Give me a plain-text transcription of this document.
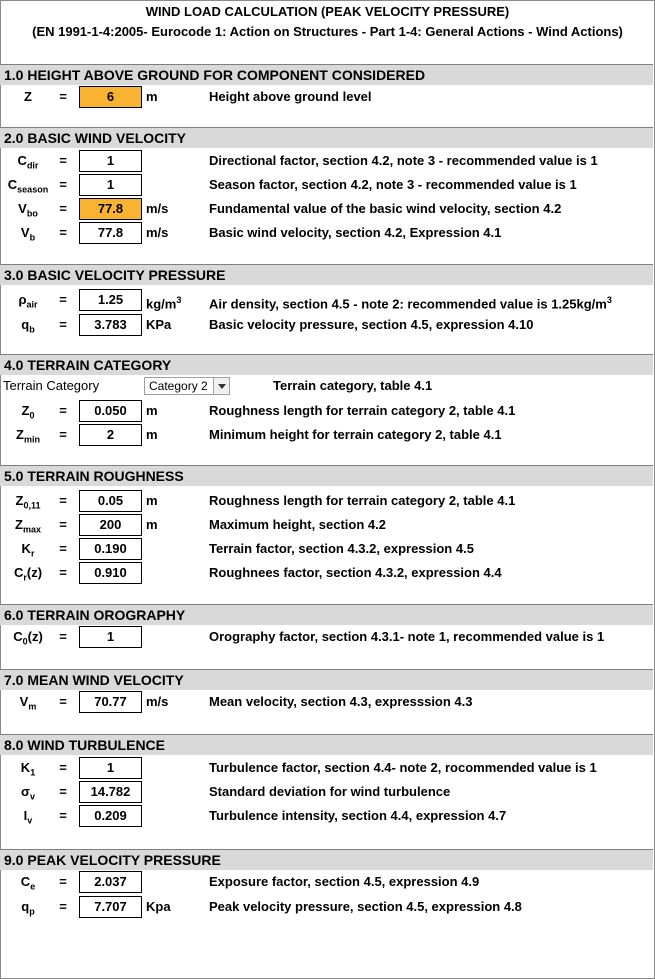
WIND LOAD CALCULATION (PEAK VELOCITY PRESSURE)
(EN 1991-1-4:2005- Eurocode 1: Action on Structures - Part 1-4: General Actions - Wind Actions)
1.0 HEIGHT ABOVE GROUND FOR COMPONENT CONSIDERED
Z	=	6	m	Height above ground level
2.0 BASIC WIND VELOCITY
$C_{dir}$	=	1	Directional factor, section 4.2, note 3 - recommended value is 1
$C_{season}$ =	1	Season factor, section 4.2, note 3 - recommended value is 1
$V_{bo}$	=	77.8	m/s	Fundamental value of the basic wind velocity, section 4.2
$V_b$	=	77.8	m/s	Basic wind velocity, section 4.2, Expression 4.1
3.0 BASIC VELOCITY PRESSURE
$\rho_{air}$	=	1.25	$kg/m^3$ Air density, section 4.5 - note 2: recommended value is $1.25kg/m^3$
$q_b$	=	3.783	KPa	Basic velocity pressure, section 4.5, expression 4.10
4.0 TERRAIN CATEGORY
Terrain Category	Category 2	Terrain category, table 4.1
$Z_0$	=	0.050	m	Roughness length for terrain category 2, table 4.1
$Z_{min}$	=	2	m	Minimum height for terrain category 2, table 4.1
5.0 TERRAIN ROUGHNESS
$Z_{0,11}$	=	0.05	m	Roughness length for terrain category 2, table 4.1
$Z_{max}$	=	200	m	Maximum height, section 4.2
$K_r$	=	0.190	Terrain factor, section 4.3.2, expression 4.5
$C_r(z)$	=	0.910	Roughnees factor, section 4.3.2, expression 4.4
6.0 TERRAIN OROGRAPHY
$C_0(z)$	=	1	Orography factor, section 4.3.1- note 1, recommended value is 1
7.0 MEAN WIND VELOCITY
$V_m$	=	70.77	m/s	Mean velocity, section 4.3, expresssion 4.3
8.0 WIND TURBULENCE
$K_1$	=	1	Turbulence factor, section 4.4- note 2, rocommended value is 1
$\sigma_v$	=	14.782	Standard deviation for wind turbulence
$I_v$	=	0.209	Turbulence intensity, section 4.4, expression 4.7
9.0 PEAK VELOCITY PRESSURE
$C_e$	=	2.037	Exposure factor, section 4.5, expression 4.9
$q_p$	=	7.707	Kpa	Peak velocity pressure, section 4.5, expression 4.8
